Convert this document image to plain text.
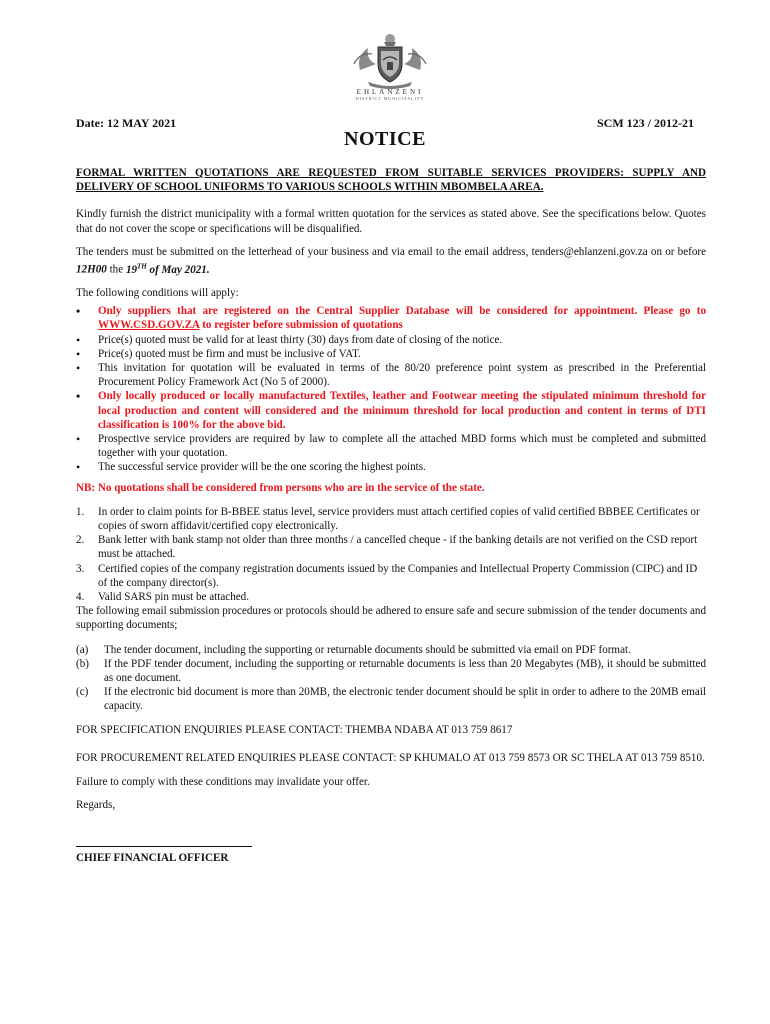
EHLANZENI
DISTRICT MUNICIPALITY
Date: 12 MAY 2021	SCM 123 / 2012-21
NOTICE
FORMAL WRITTEN QUOTATIONS ARE REQUESTED FROM SUITABLE SERVICES PROVIDERS: SUPPLY AND DELIVERY OF SCHOOL UNIFORMS TO VARIOUS SCHOOLS WITHIN MBOMBELA AREA.

Kindly furnish the district municipality with a formal written quotation for the services as stated above. See the specifications below. Quotes that do not cover the scope or specifications will be disqualified.

The tenders must be submitted on the letterhead of your business and via email to the email address, tenders@ehlanzeni.gov.za on or before 12H00 the 19TH of May 2021.

The following conditions will apply:

• Only suppliers that are registered on the Central Supplier Database will be considered for appointment. Please go to WWW.CSD.GOV.ZA to register before submission of quotations
• Price(s) quoted must be valid for at least thirty (30) days from date of closing of the notice.
• Price(s) quoted must be firm and must be inclusive of VAT.
• This invitation for quotation will be evaluated in terms of the 80/20 preference point system as prescribed in the Preferential Procurement Policy Framework Act (No 5 of 2000).
• Only locally produced or locally manufactured Textiles, leather and Footwear meeting the stipulated minimum threshold for local production and content will considered and the minimum threshold for local production and content in terms of DTI classification is 100% for the above bid.
• Prospective service providers are required by law to complete all the attached MBD forms which must be completed and submitted together with your quotation.
• The successful service provider will be the one scoring the highest points.
NB: No quotations shall be considered from persons who are in the service of the state.
1. In order to claim points for B-BBEE status level, service providers must attach certified copies of valid certified BBBEE Certificates or copies of sworn affidavit/certified copy electronically.
2. Bank letter with bank stamp not older than three months / a cancelled cheque - if the banking details are not verified on the CSD report must be attached.
3. Certified copies of the company registration documents issued by the Companies and Intellectual Property Commission (CIPC) and ID of the company director(s).
4. Valid SARS pin must be attached.

The following email submission procedures or protocols should be adhered to ensure safe and secure submission of the tender documents and supporting documents;

(a) The tender document, including the supporting or returnable documents should be submitted via email on PDF format.
(b) If the PDF tender document, including the supporting or returnable documents is less than 20 Megabytes (MB), it should be submitted as one document.
(c) If the electronic bid document is more than 20MB, the electronic tender document should be split in order to adhere to the 20MB email capacity.

FOR SPECIFICATION ENQUIRIES PLEASE CONTACT: THEMBA NDABA AT 013 759 8617

FOR PROCUREMENT RELATED ENQUIRIES PLEASE CONTACT: SP KHUMALO AT 013 759 8573 OR SC THELA AT 013 759 8510.

Failure to comply with these conditions may invalidate your offer.

Regards,

CHIEF FINANCIAL OFFICER
